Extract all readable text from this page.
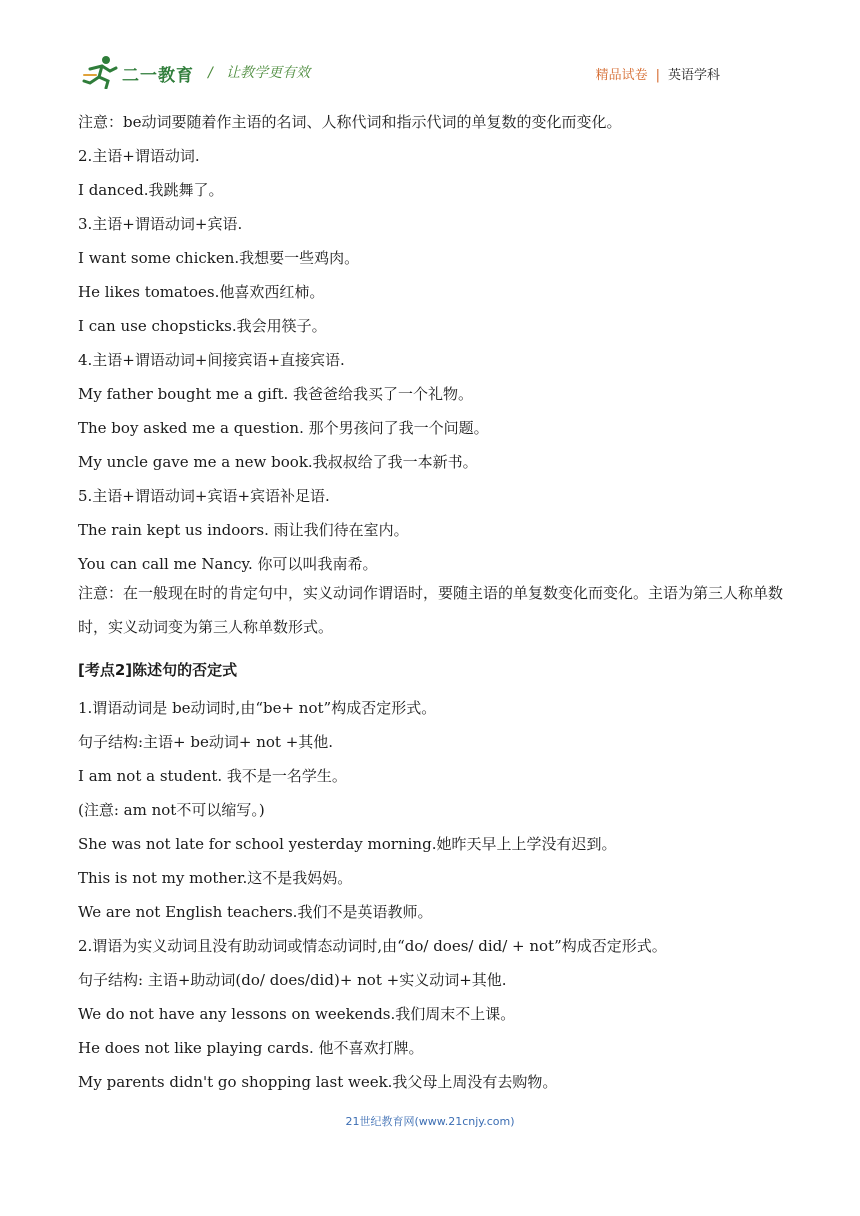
二一教育 / 让教学更有效	精品试卷 | 英语学科
注意：be动词要随着作主语的名词、人称代词和指示代词的单复数的变化而变化。
2.主语+谓语动词.
I danced.我跳舞了。
3.主语+谓语动词+宾语.
I want some chicken.我想要一些鸡肉。
He likes tomatoes.他喜欢西红柿。
I can use chopsticks.我会用筷子。
4.主语+谓语动词+间接宾语+直接宾语.
My father bought me a gift. 我爸爸给我买了一个礼物。
The boy asked me a question. 那个男孩问了我一个问题。
My uncle gave me a new book.我叔叔给了我一本新书。
5.主语+谓语动词+宾语+宾语补足语.
The rain kept us indoors. 雨让我们待在室内。
You can call me Nancy. 你可以叫我南希。
注意：在一般现在时的肯定句中，实义动词作谓语时，要随主语的单复数变化而变化。主语为第三人称单数时，实义动词变为第三人称单数形式。
[考点2]陈述句的否定式
1.谓语动词是 be动词时,由“be+ not”构成否定形式。
句子结构:主语+ be动词+ not +其他.
I am not a student. 我不是一名学生。
(注意: am not不可以缩写。)
She was not late for school yesterday morning.她昨天早上上学没有迟到。
This is not my mother.这不是我妈妈。
We are not English teachers.我们不是英语教师。
2.谓语为实义动词且没有助动词或情态动词时,由“do/ does/ did/ + not”构成否定形式。
句子结构: 主语+助动词(do/ does/did)+ not +实义动词+其他.
We do not have any lessons on weekends.我们周末不上课。
He does not like playing cards. 他不喜欢打牌。
My parents didn't go shopping last week.我父母上周没有去购物。
21世纪教育网(www.21cnjy.com)
